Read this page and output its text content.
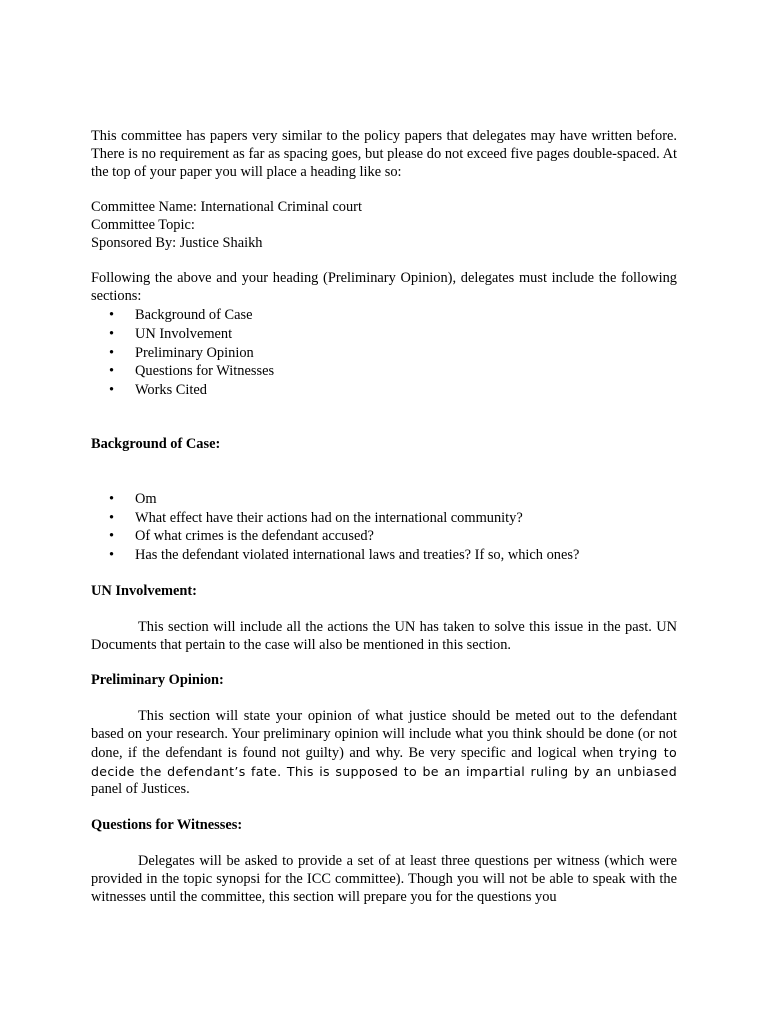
This committee has papers very similar to the policy papers that delegates may have written before. There is no requirement as far as spacing goes, but please do not exceed five pages double-spaced. At the top of your paper you will place a heading like so:

Committee Name: International Criminal court
Committee Topic:
Sponsored By: Justice Shaikh

Following the above and your heading (Preliminary Opinion), delegates must include the following sections:

• Background of Case
• UN Involvement
• Preliminary Opinion
• Questions for Witnesses
• Works Cited
Background of Case:
• Om
• What effect have their actions had on the international community?
• Of what crimes is the defendant accused?
• Has the defendant violated international laws and treaties? If so, which ones?
UN Involvement:

This section will include all the actions the UN has taken to solve this issue in the past. UN Documents that pertain to the case will also be mentioned in this section.

Preliminary Opinion:

This section will state your opinion of what justice should be meted out to the defendant based on your research. Your preliminary opinion will include what you think should be done (or not done, if the defendant is found not guilty) and why. Be very specific and logical when trying to decide the defendant’s fate. This is supposed to be an impartial ruling by an unbiased panel of Justices.

Questions for Witnesses:

Delegates will be asked to provide a set of at least three questions per witness (which were provided in the topic synopsi for the ICC committee). Though you will not be able to speak with the witnesses until the committee, this section will prepare you for the questions you
